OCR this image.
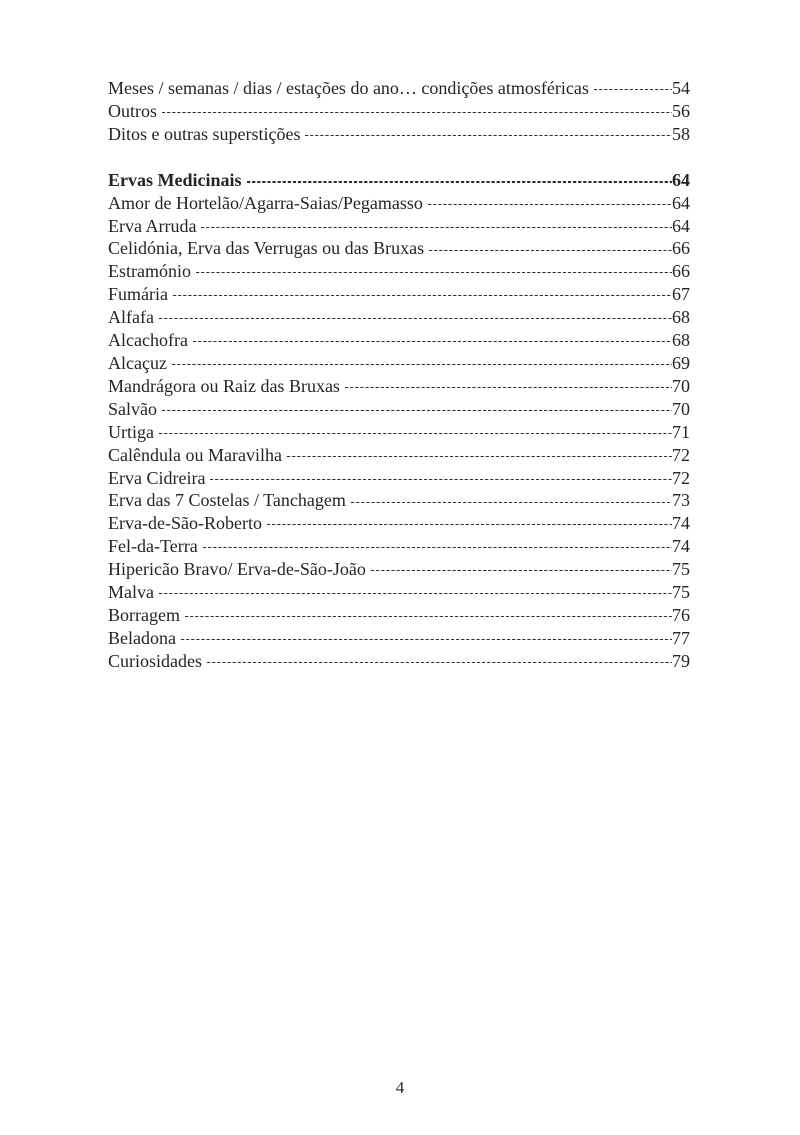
Meses / semanas / dias / estações do ano… condições atmosféricas	54
Outros	56
Ditos e outras superstições	58
Ervas Medicinais	64
Amor de Hortelão/Agarra-Saias/Pegamasso	64
Erva Arruda	64
Celidónia, Erva das Verrugas ou das Bruxas	66
Estramónio	66
Fumária	67
Alfafa	68
Alcachofra	68
Alcaçuz	69
Mandrágora ou Raiz das Bruxas	70
Salvão	70
Urtiga	71
Calêndula ou Maravilha	72
Erva Cidreira	72
Erva das 7 Costelas / Tanchagem	73
Erva-de-São-Roberto	74
Fel-da-Terra	74
Hipericão Bravo/ Erva-de-São-João	75
Malva	75
Borragem	76
Beladona	77
Curiosidades	79
4
